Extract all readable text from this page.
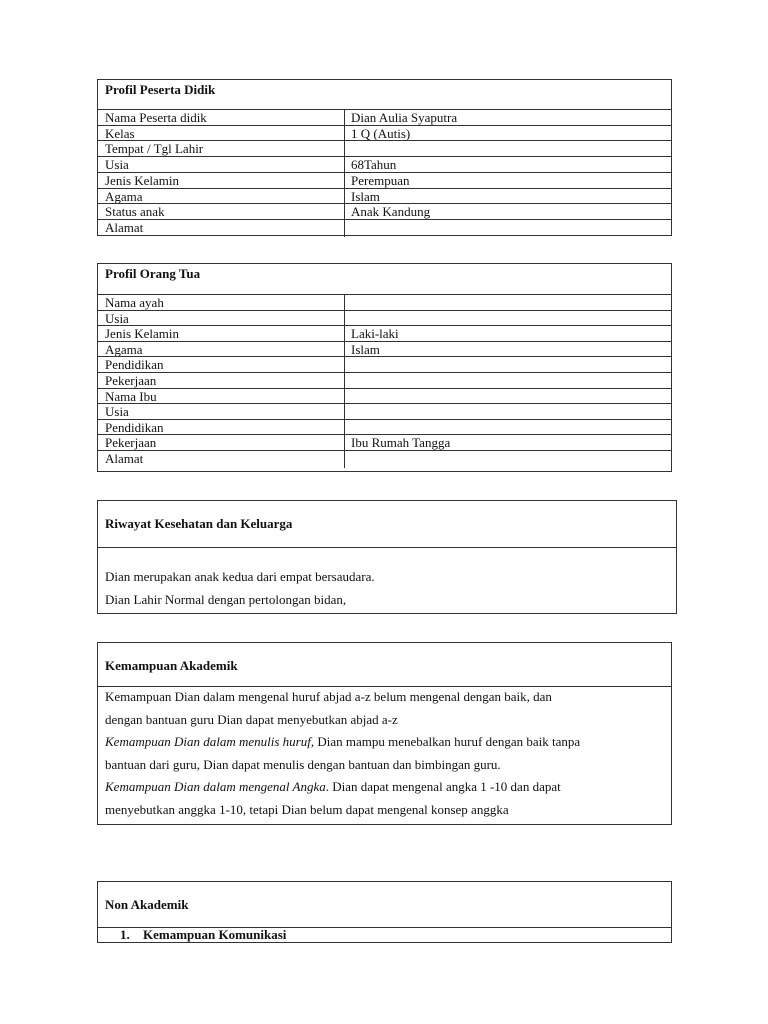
Profil Peserta Didik
Nama Peserta didik	Dian Aulia Syaputra
Kelas	1 Q (Autis)
Tempat / Tgl Lahir
Usia	68Tahun
Jenis Kelamin	Perempuan
Agama	Islam
Status anak	Anak Kandung
Alamat
Profil Orang Tua
Nama ayah
Usia
Jenis Kelamin	Laki-laki
Agama	Islam
Pendidikan
Pekerjaan
Nama Ibu
Usia
Pendidikan
Pekerjaan	Ibu Rumah Tangga
Alamat
Riwayat Kesehatan dan Keluarga
Dian merupakan anak kedua dari empat bersaudara.
Dian Lahir Normal dengan pertolongan bidan,
Kemampuan Akademik
Kemampuan Dian dalam mengenal huruf abjad a-z belum mengenal dengan baik, dan
dengan bantuan guru Dian dapat menyebutkan abjad a-z
Kemampuan Dian dalam menulis huruf, Dian mampu menebalkan huruf dengan baik tanpa
bantuan dari guru, Dian dapat menulis dengan bantuan dan bimbingan guru.
Kemampuan Dian dalam mengenal Angka. Dian dapat mengenal angka 1 -10 dan dapat
menyebutkan anggka 1-10, tetapi Dian belum dapat mengenal konsep anggka
Non Akademik
1. Kemampuan Komunikasi
